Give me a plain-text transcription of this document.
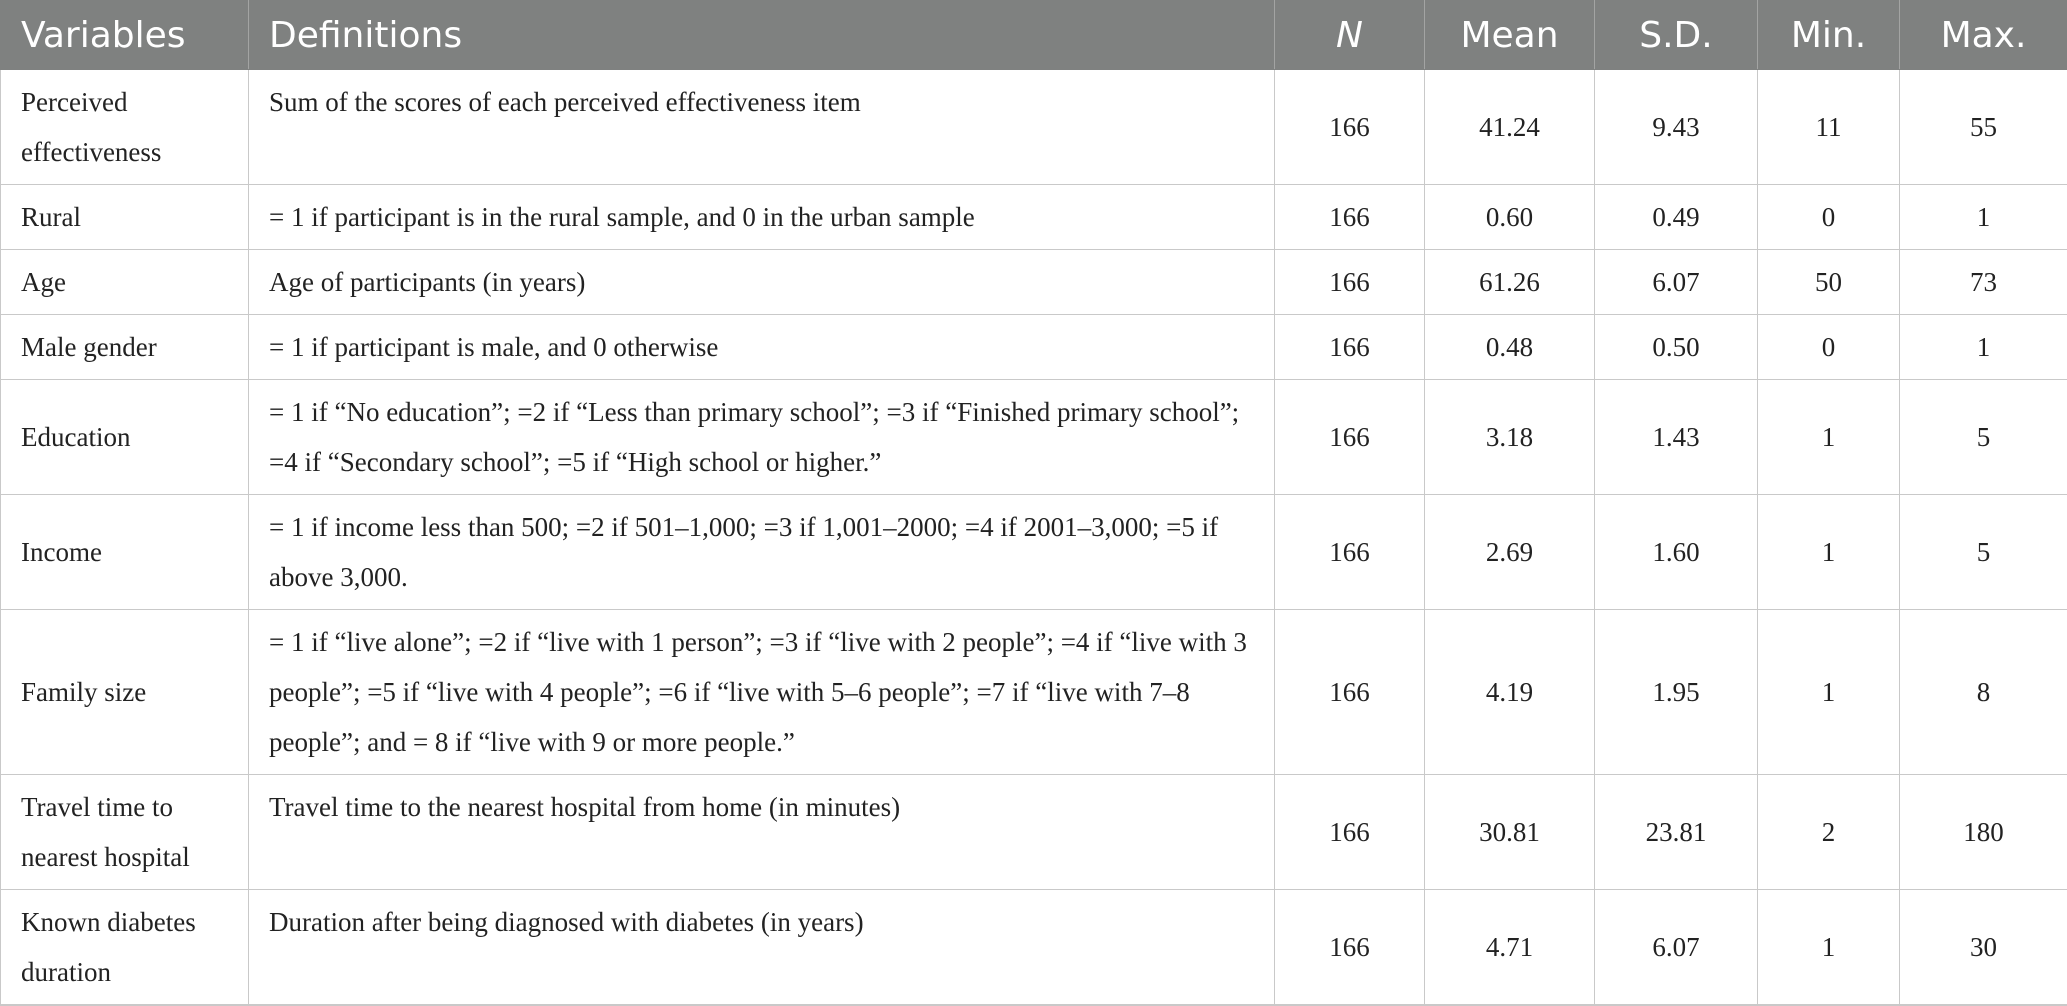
Variables	Definitions	N	Mean	S.D.	Min.	Max.
Perceived effectiveness	Sum of the scores of each perceived effectiveness item	166	41.24	9.43	11	55
Rural	= 1 if participant is in the rural sample, and 0 in the urban sample	166	0.60	0.49	0	1
Age	Age of participants (in years)	166	61.26	6.07	50	73
Male gender	= 1 if participant is male, and 0 otherwise	166	0.48	0.50	0	1
Education	= 1 if “No education”; =2 if “Less than primary school”; =3 if “Finished primary school”; =4 if “Secondary school”; =5 if “High school or higher.”	166	3.18	1.43	1	5
Income	= 1 if income less than 500; =2 if 501–1,000; =3 if 1,001–2000; =4 if 2001–3,000; =5 if above 3,000.	166	2.69	1.60	1	5
Family size	= 1 if “live alone”; =2 if “live with 1 person”; =3 if “live with 2 people”; =4 if “live with 3 people”; =5 if “live with 4 people”; =6 if “live with 5–6 people”; =7 if “live with 7–8 people”; and = 8 if “live with 9 or more people.”	166	4.19	1.95	1	8
Travel time to nearest hospital	Travel time to the nearest hospital from home (in minutes)	166	30.81	23.81	2	180
Known diabetes duration	Duration after being diagnosed with diabetes (in years)	166	4.71	6.07	1	30
